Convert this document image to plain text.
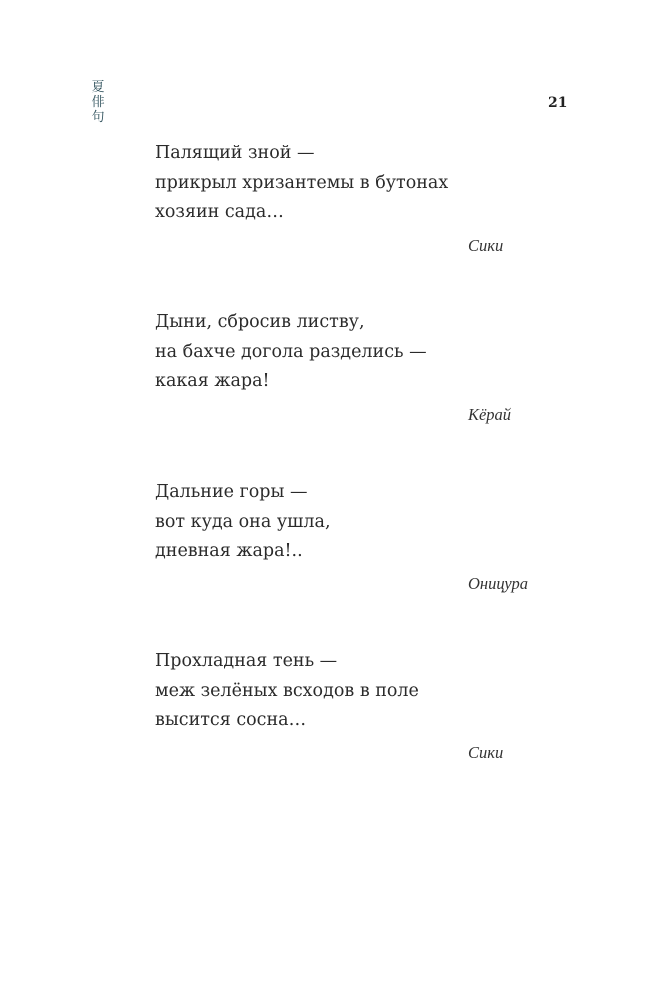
夏
俳
句
21
Палящий зной —
прикрыл хризантемы в бутонах
хозяин сада…
Сики
Дыни, сбросив листву,
на бахче догола разделись —
какая жара!
Кёрай
Дальние горы —
вот куда она ушла,
дневная жара!..
Оницура
Прохладная тень —
меж зелёных всходов в поле
высится сосна…
Сики
